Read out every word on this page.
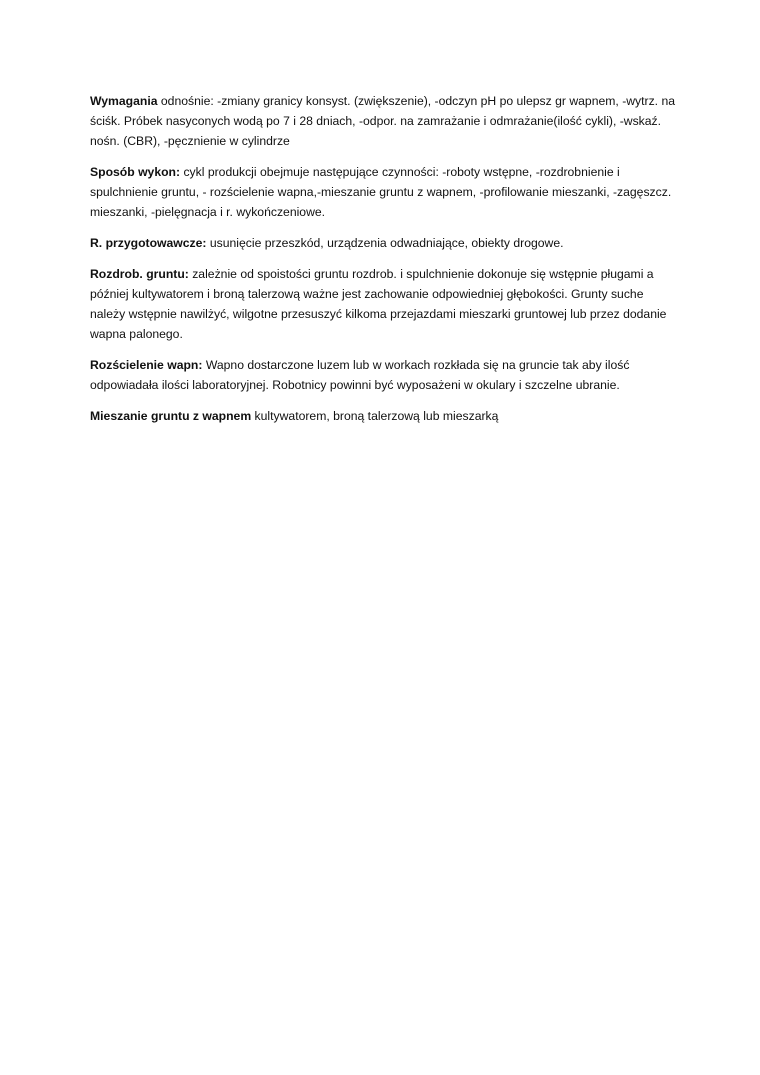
Wymagania odnośnie: -zmiany granicy konsyst. (zwiększenie), -odczyn pH po ulepsz gr wapnem, -wytrz. na ściśk. Próbek nasyconych wodą po 7 i 28 dniach, -odpor. na zamrażanie i odmrażanie(ilość cykli), -wskaź. nośn. (CBR), -pęcznienie w cylindrze

Sposób wykon: cykl produkcji obejmuje następujące czynności: -roboty wstępne, -rozdrobnienie i spulchnienie gruntu, - rozścielenie wapna,-mieszanie gruntu z wapnem, -profilowanie mieszanki, -zagęszcz. mieszanki, -pielęgnacja i r. wykończeniowe.

R. przygotowawcze: usunięcie przeszkód, urządzenia odwadniające, obiekty drogowe.

Rozdrob. gruntu: zależnie od spoistości gruntu rozdrob. i spulchnienie dokonuje się wstępnie pługami a później kultywatorem i broną talerzową ważne jest zachowanie odpowiedniej głębokości. Grunty suche należy wstępnie nawilżyć, wilgotne przesuszyć kilkoma przejazdami mieszarki gruntowej lub przez dodanie wapna palonego.

Rozścielenie wapn: Wapno dostarczone luzem lub w workach rozkłada się na gruncie tak aby ilość odpowiadała ilości laboratoryjnej. Robotnicy powinni być wyposażeni w okulary i szczelne ubranie.

Mieszanie gruntu z wapnem kultywatorem, broną talerzową lub mieszarką
